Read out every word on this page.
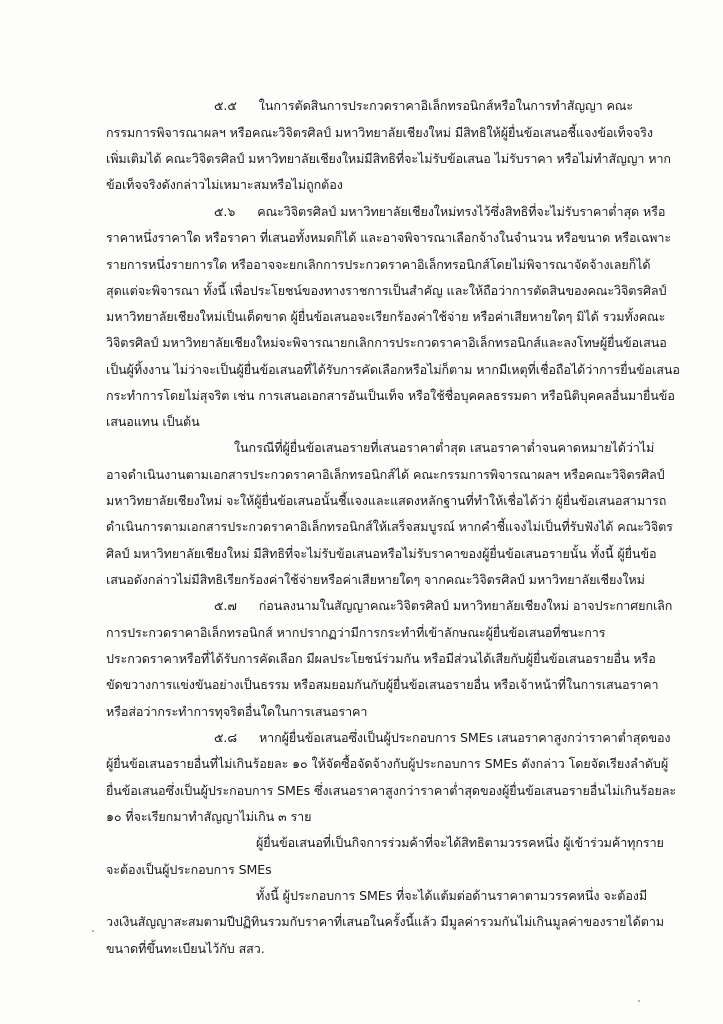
๕.๕ ในการตัดสินการประกวดราคาอิเล็กทรอนิกส์หรือในการทำสัญญา คณะ
กรรมการพิจารณาผลฯ หรือคณะวิจิตรศิลป์ มหาวิทยาลัยเชียงใหม่ มีสิทธิให้ผู้ยื่นข้อเสนอชี้แจงข้อเท็จจริง
เพิ่มเติมได้ คณะวิจิตรศิลป์ มหาวิทยาลัยเชียงใหม่มีสิทธิที่จะไม่รับข้อเสนอ ไม่รับราคา หรือไม่ทำสัญญา หาก
ข้อเท็จจริงดังกล่าวไม่เหมาะสมหรือไม่ถูกต้อง
๕.๖ คณะวิจิตรศิลป์ มหาวิทยาลัยเชียงใหม่ทรงไว้ซึ่งสิทธิที่จะไม่รับราคาต่ำสุด หรือ
ราคาหนึ่งราคาใด หรือราคา ที่เสนอทั้งหมดก็ได้ และอาจพิจารณาเลือกจ้างในจำนวน หรือขนาด หรือเฉพาะ
รายการหนึ่งรายการใด หรืออาจจะยกเลิกการประกวดราคาอิเล็กทรอนิกส์โดยไม่พิจารณาจัดจ้างเลยก็ได้
สุดแต่จะพิจารณา ทั้งนี้ เพื่อประโยชน์ของทางราชการเป็นสำคัญ และให้ถือว่าการตัดสินของคณะวิจิตรศิลป์
มหาวิทยาลัยเชียงใหม่เป็นเด็ดขาด ผู้ยื่นข้อเสนอจะเรียกร้องค่าใช้จ่าย หรือค่าเสียหายใดๆ มิได้ รวมทั้งคณะ
วิจิตรศิลป์ มหาวิทยาลัยเชียงใหม่จะพิจารณายกเลิกการประกวดราคาอิเล็กทรอนิกส์และลงโทษผู้ยื่นข้อเสนอ
เป็นผู้ทิ้งงาน ไม่ว่าจะเป็นผู้ยื่นข้อเสนอที่ได้รับการคัดเลือกหรือไม่ก็ตาม หากมีเหตุที่เชื่อถือได้ว่าการยื่นข้อเสนอ
กระทำการโดยไม่สุจริต เช่น การเสนอเอกสารอันเป็นเท็จ หรือใช้ชื่อบุคคลธรรมดา หรือนิติบุคคลอื่นมายื่นข้อ
เสนอแทน เป็นต้น
ในกรณีที่ผู้ยื่นข้อเสนอรายที่เสนอราคาต่ำสุด เสนอราคาต่ำจนคาดหมายได้ว่าไม่
อาจดำเนินงานตามเอกสารประกวดราคาอิเล็กทรอนิกส์ได้ คณะกรรมการพิจารณาผลฯ หรือคณะวิจิตรศิลป์
มหาวิทยาลัยเชียงใหม่ จะให้ผู้ยื่นข้อเสนอนั้นชี้แจงและแสดงหลักฐานที่ทำให้เชื่อได้ว่า ผู้ยื่นข้อเสนอสามารถ
ดำเนินการตามเอกสารประกวดราคาอิเล็กทรอนิกส์ให้เสร็จสมบูรณ์ หากคำชี้แจงไม่เป็นที่รับฟังได้ คณะวิจิตร
ศิลป์ มหาวิทยาลัยเชียงใหม่ มีสิทธิที่จะไม่รับข้อเสนอหรือไม่รับราคาของผู้ยื่นข้อเสนอรายนั้น ทั้งนี้ ผู้ยื่นข้อ
เสนอดังกล่าวไม่มีสิทธิเรียกร้องค่าใช้จ่ายหรือค่าเสียหายใดๆ จากคณะวิจิตรศิลป์ มหาวิทยาลัยเชียงใหม่
๕.๗ ก่อนลงนามในสัญญาคณะวิจิตรศิลป์ มหาวิทยาลัยเชียงใหม่ อาจประกาศยกเลิก
การประกวดราคาอิเล็กทรอนิกส์ หากปรากฏว่ามีการกระทำที่เข้าลักษณะผู้ยื่นข้อเสนอที่ชนะการ
ประกวดราคาหรือที่ได้รับการคัดเลือก มีผลประโยชน์ร่วมกัน หรือมีส่วนได้เสียกับผู้ยื่นข้อเสนอรายอื่น หรือ
ขัดขวางการแข่งขันอย่างเป็นธรรม หรือสมยอมกันกับผู้ยื่นข้อเสนอรายอื่น หรือเจ้าหน้าที่ในการเสนอราคา
หรือส่อว่ากระทำการทุจริตอื่นใดในการเสนอราคา
๕.๘ หากผู้ยื่นข้อเสนอซึ่งเป็นผู้ประกอบการ SMEs เสนอราคาสูงกว่าราคาต่ำสุดของ
ผู้ยื่นข้อเสนอรายอื่นที่ไม่เกินร้อยละ ๑๐ ให้จัดซื้อจัดจ้างกับผู้ประกอบการ SMEs ดังกล่าว โดยจัดเรียงลำดับผู้
ยื่นข้อเสนอซึ่งเป็นผู้ประกอบการ SMEs ซึ่งเสนอราคาสูงกว่าราคาต่ำสุดของผู้ยื่นข้อเสนอรายอื่นไม่เกินร้อยละ
๑๐ ที่จะเรียกมาทำสัญญาไม่เกิน ๓ ราย
ผู้ยื่นข้อเสนอที่เป็นกิจการร่วมค้าที่จะได้สิทธิตามวรรคหนึ่ง ผู้เข้าร่วมค้าทุกราย
จะต้องเป็นผู้ประกอบการ SMEs
ทั้งนี้ ผู้ประกอบการ SMEs ที่จะได้แต้มต่อด้านราคาตามวรรคหนึ่ง จะต้องมี
วงเงินสัญญาสะสมตามปีปฏิทินรวมกับราคาที่เสนอในครั้งนี้แล้ว มีมูลค่ารวมกันไม่เกินมูลค่าของรายได้ตาม
ขนาดที่ขึ้นทะเบียนไว้กับ สสว.
